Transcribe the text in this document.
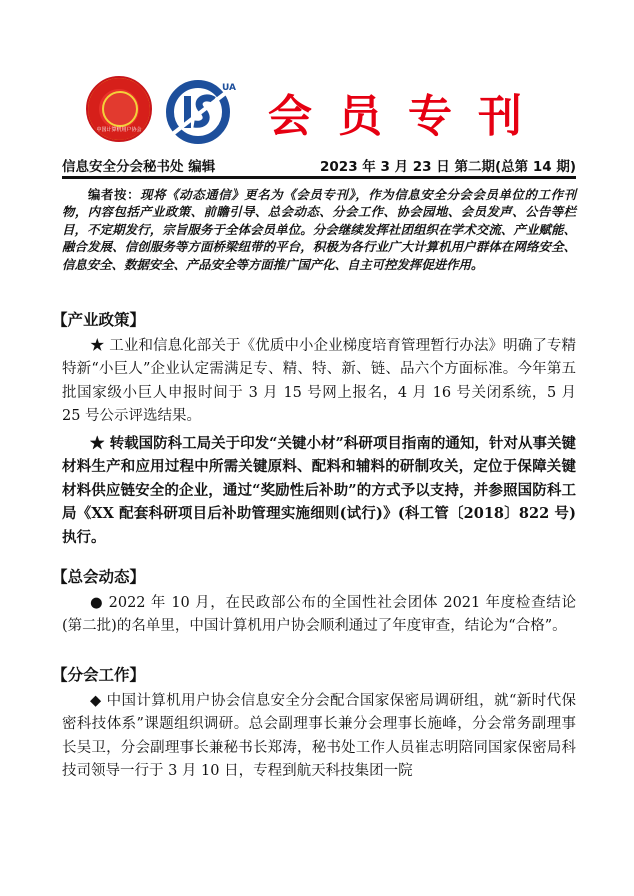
中国计算机用户协会
UA
会员专刊
信息安全分会秘书处 编辑	2023 年 3 月 23 日 第二期(总第 14 期)
编者按：现将《动态通信》更名为《会员专刊》，作为信息安全分会会员单位的工作刊物，内容包括产业政策、前瞻引导、总会动态、分会工作、协会园地、会员发声、公告等栏目，不定期发行，宗旨服务于全体会员单位。分会继续发挥社团组织在学术交流、产业赋能、融合发展、信创服务等方面桥梁纽带的平台，积极为各行业广大计算机用户群体在网络安全、信息安全、数据安全、产品安全等方面推广国产化、自主可控发挥促进作用。
【产业政策】
★ 工业和信息化部关于《优质中小企业梯度培育管理暂行办法》明确了专精特新“小巨人”企业认定需满足专、精、特、新、链、品六个方面标准。今年第五批国家级小巨人申报时间于 3 月 15 号网上报名，4 月 16 号关闭系统，5 月 25 号公示评选结果。
★ 转载国防科工局关于印发“关键小材”科研项目指南的通知，针对从事关键材料生产和应用过程中所需关键原料、配料和辅料的研制攻关，定位于保障关键材料供应链安全的企业，通过“奖励性后补助”的方式予以支持，并参照国防科工局《XX 配套科研项目后补助管理实施细则(试行)》(科工管〔2018〕822 号)执行。
【总会动态】
● 2022 年 10 月，在民政部公布的全国性社会团体 2021 年度检查结论(第二批)的名单里，中国计算机用户协会顺利通过了年度审查，结论为“合格”。
【分会工作】
◆ 中国计算机用户协会信息安全分会配合国家保密局调研组，就“新时代保密科技体系”课题组织调研。总会副理事长兼分会理事长施峰，分会常务副理事长吴卫，分会副理事长兼秘书长郑涛，秘书处工作人员崔志明陪同国家保密局科技司领导一行于 3 月 10 日，专程到航天科技集团一院
